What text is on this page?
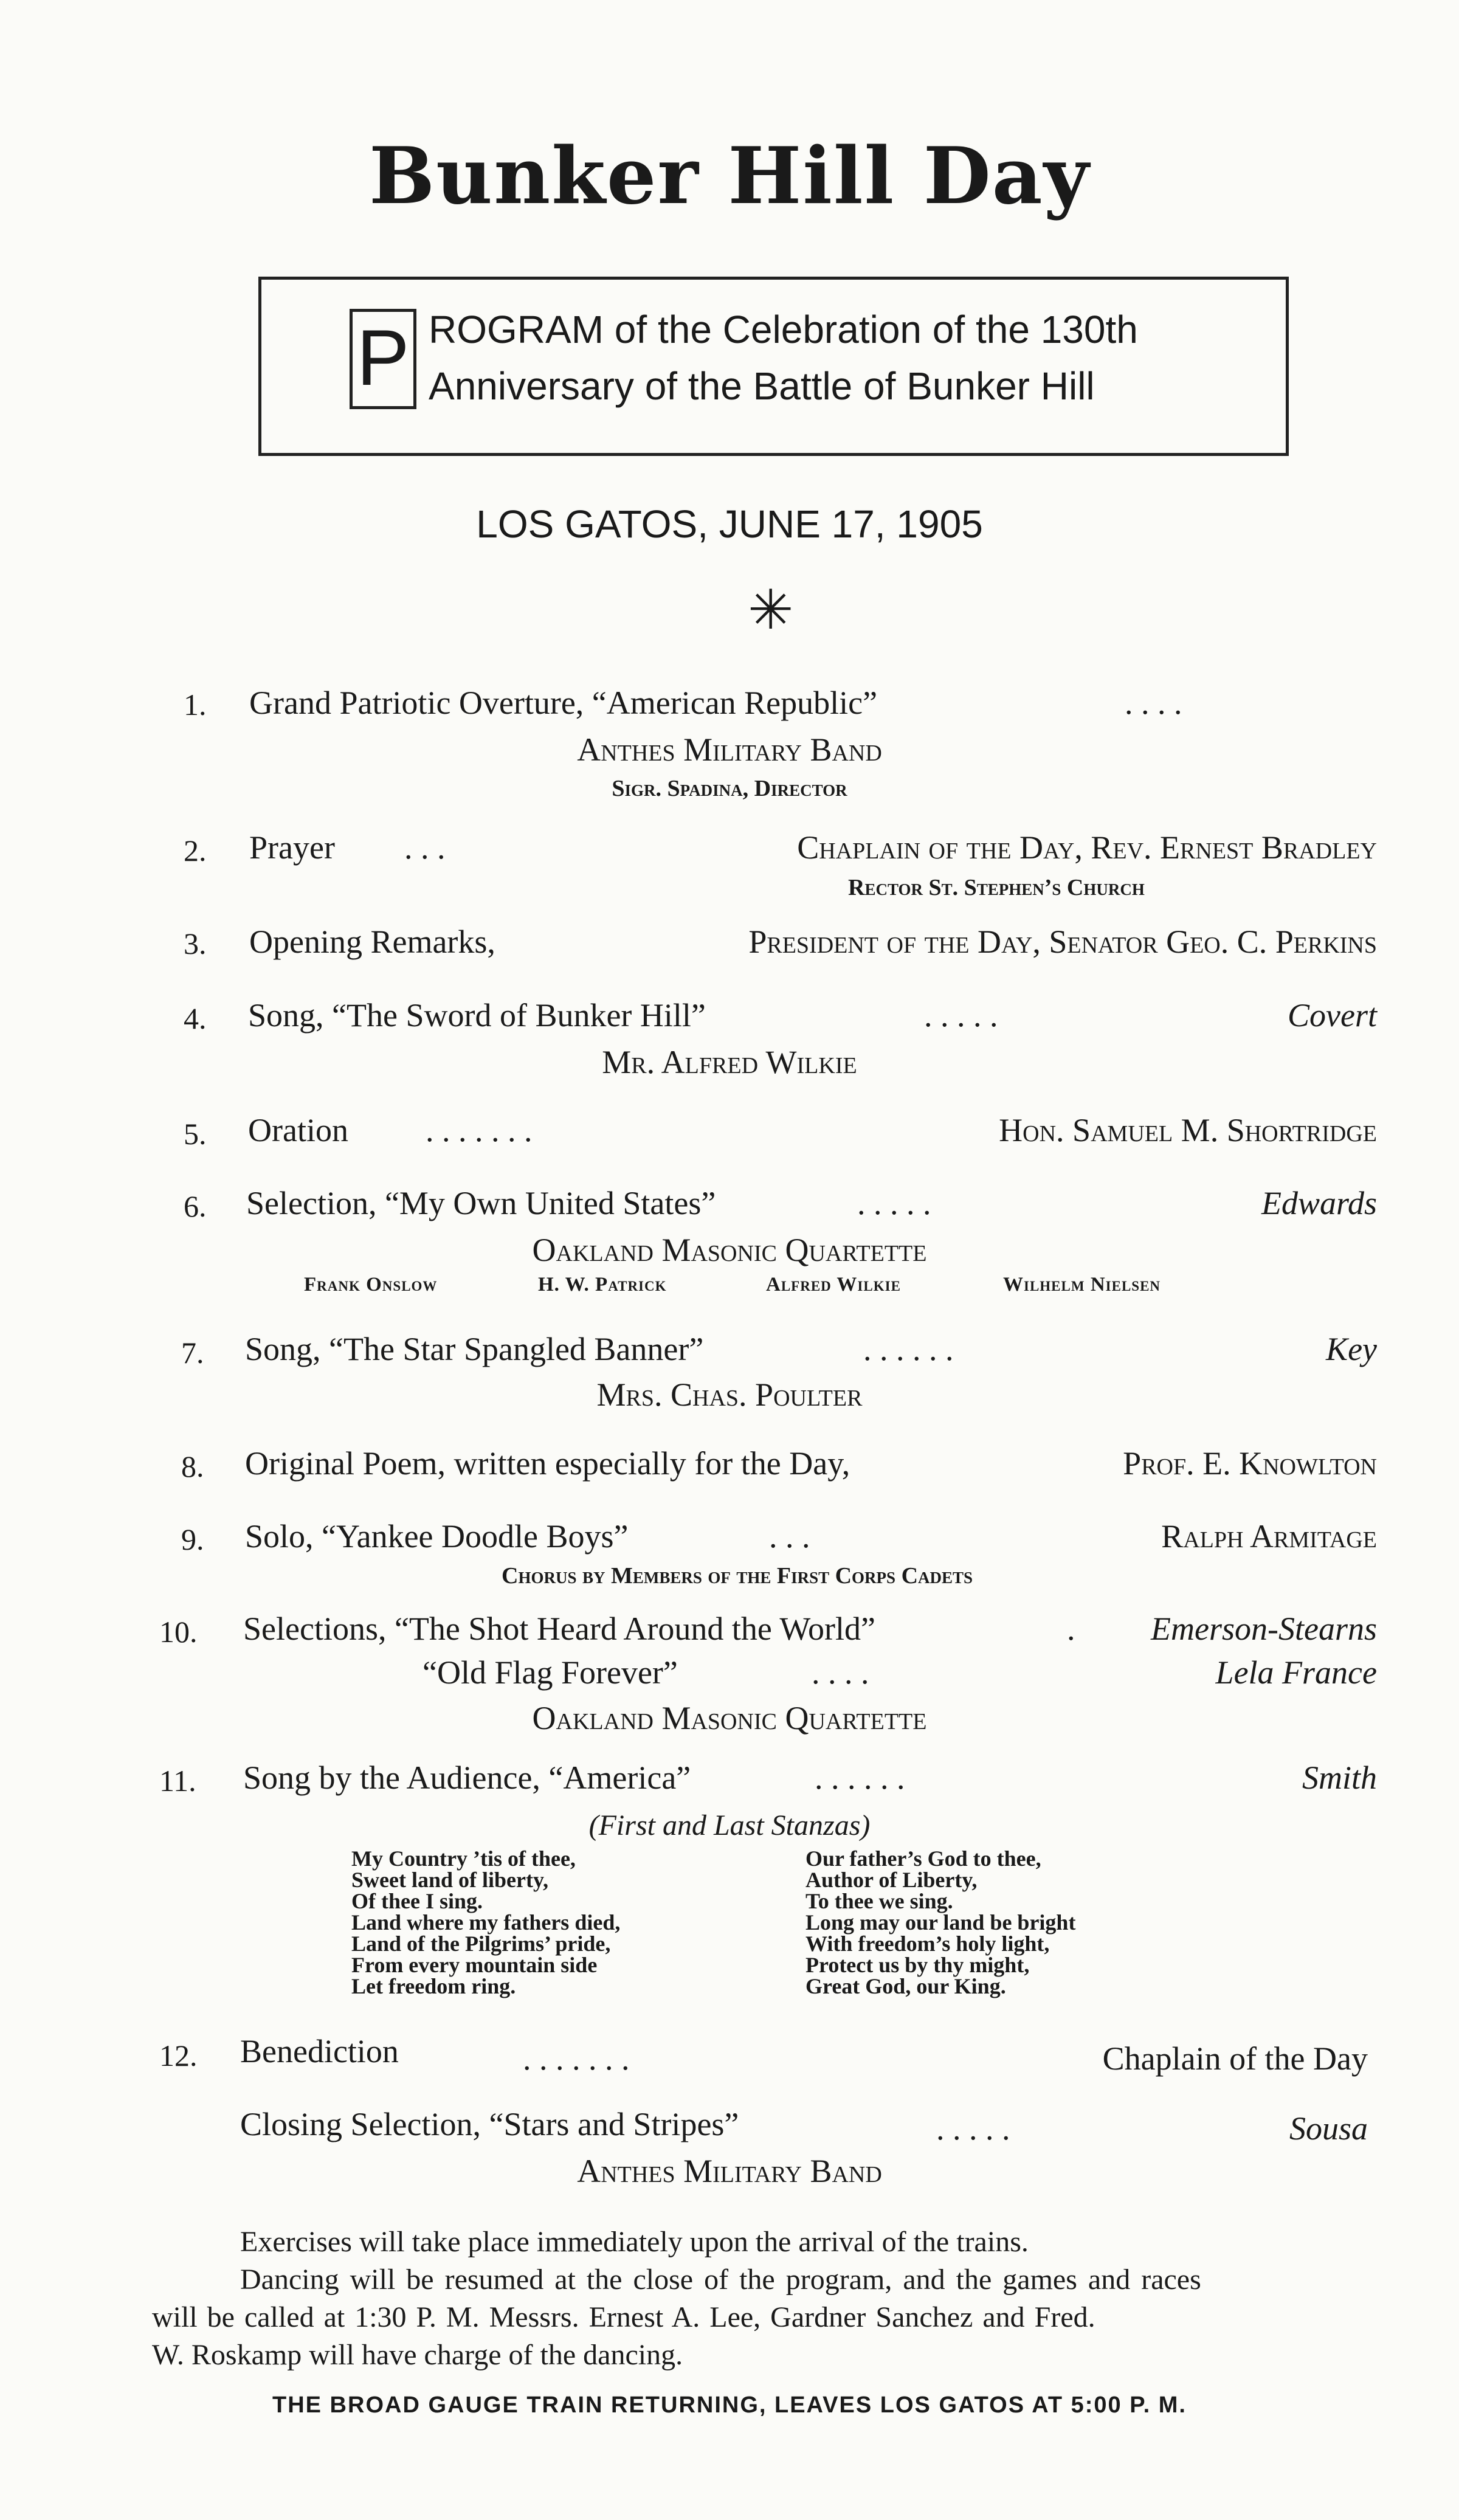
Bunker Hill Day
P ROGRAM of the Celebration of the 130th
Anniversary of the Battle of Bunker Hill
LOS GATOS, JUNE 17, 1905
✳
1. Grand Patriotic Overture, “American Republic”	. . . .
Anthes Military Band
Sigr. Spadina, Director
2. Prayer . . .	Chaplain of the Day, Rev. Ernest Bradley
Rector St. Stephen’s Church
3. Opening Remarks,	President of the Day, Senator Geo. C. Perkins
4. Song, “The Sword of Bunker Hill”	. . . . .	Covert
Mr. Alfred Wilkie
5. Oration . . . . . . .	Hon. Samuel M. Shortridge
6. Selection, “My Own United States”	. . . . .	Edwards
Oakland Masonic Quartette
Frank Onslow	H. W. Patrick	Alfred Wilkie	Wilhelm Nielsen
7. Song, “The Star Spangled Banner”	. . . . . .	Key
Mrs. Chas. Poulter
8. Original Poem, written especially for the Day,	Prof. E. Knowlton
9. Solo, “Yankee Doodle Boys”	. . .	Ralph Armitage
Chorus by Members of the First Corps Cadets
10. Selections, “The Shot Heard Around the World”	.	Emerson-Stearns
“Old Flag Forever”	. . . .	Lela France
Oakland Masonic Quartette
11. Song by the Audience, “America”	. . . . . .	Smith
(First and Last Stanzas)
My Country ’tis of thee,
Sweet land of liberty,
Of thee I sing.
Land where my fathers died,
Land of the Pilgrims’ pride,
From every mountain side
Let freedom ring.
Our father’s God to thee,
Author of Liberty,
To thee we sing.
Long may our land be bright
With freedom’s holy light,
Protect us by thy might,
Great God, our King.
12. Benediction	. . . . . . .	Chaplain of the Day
Closing Selection, “Stars and Stripes”	. . . . .	Sousa
Anthes Military Band
Exercises will take place immediately upon the arrival of the trains.
Dancing will be resumed at the close of the program, and the games and races
will be called at 1:30 P. M. Messrs. Ernest A. Lee, Gardner Sanchez and Fred.
W. Roskamp will have charge of the dancing.
THE BROAD GAUGE TRAIN RETURNING, LEAVES LOS GATOS AT 5:00 P. M.
